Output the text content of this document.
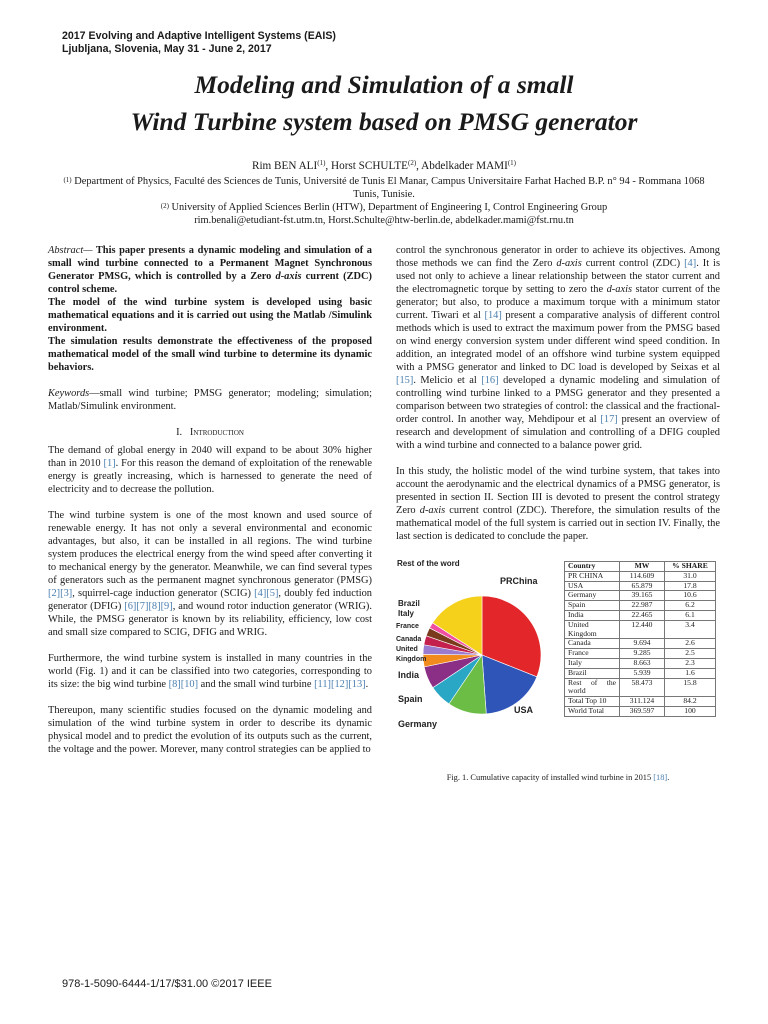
2017 Evolving and Adaptive Intelligent Systems (EAIS)
Ljubljana, Slovenia, May 31 - June 2, 2017
Modeling and Simulation of a small
Wind Turbine system based on PMSG generator
Rim BEN ALI$^{(1)}$, Horst SCHULTE$^{(2)}$, Abdelkader MAMI$^{(1)}$
$^{(1)}$ Department of Physics, Faculté des Sciences de Tunis, Université de Tunis El Manar, Campus Universitaire Farhat Hached B.P. n° 94 - Rommana 1068 Tunis, Tunisie.
$^{(2)}$ University of Applied Sciences Berlin (HTW), Department of Engineering I, Control Engineering Group
rim.benali@etudiant-fst.utm.tn, Horst.Schulte@htw-berlin.de, abdelkader.mami@fst.rnu.tn

Abstract— This paper presents a dynamic modeling and simulation of a small wind turbine connected to a Permanent Magnet Synchronous Generator PMSG, which is controlled by a Zero d-axis current (ZDC) control scheme.

The model of the wind turbine system is developed using basic mathematical equations and it is carried out using the Matlab /Simulink environment.

The simulation results demonstrate the effectiveness of the proposed mathematical model of the small wind turbine to determine its dynamic behaviors.

Keywords—small wind turbine; PMSG generator; modeling; simulation; Matlab/Simulink environment.

I. Introduction

The demand of global energy in 2040 will expand to be about 30% higher than in 2010 [1]. For this reason the demand of exploitation of the renewable energy is greatly increasing, which is harnessed to generate the need of electricity and to decrease the pollution.

The wind turbine system is one of the most known and used source of renewable energy. It has not only a several environmental and economic advantages, but also, it can be installed in all regions. The wind turbine system produces the electrical energy from the wind speed after converting it to mechanical energy by the generator. Meanwhile, we can find several types of generators such as the permanent magnet synchronous generator (PMSG) [2][3], squirrel-cage induction generator (SCIG) [4][5], doubly fed induction generator (DFIG) [6][7][8][9], and wound rotor induction generator (WRIG). While, the PMSG generator is known by its reliability, efficiency, low cost and small size compared to SCIG, DFIG and WRIG.

Furthermore, the wind turbine system is installed in many countries in the world (Fig. 1) and it can be classified into two categories, corresponding to its size: the big wind turbine [8][10] and the small wind turbine [11][12][13].

Thereupon, many scientific studies focused on the dynamic modeling and simulation of the wind turbine system in order to describe its dynamic physical model and to predict the evolution of its outputs such as the current, the voltage and the power. Morever, many control strategies can be applied to

control the synchronous generator in order to achieve its objectives. Among those methods we can find the Zero d-axis current control (ZDC) [4]. It is used not only to achieve a linear relationship between the stator current and the electromagnetic torque by setting to zero the d-axis stator current of the generator; but also, to produce a maximum torque with a minimum stator current. Tiwari et al [14] present a comparative analysis of different control methods which is used to extract the maximum power from the PMSG based on wind energy conversion system under different wind speed condition. In addition, an integrated model of an offshore wind turbine system equipped with a PMSG generator and linked to DC load is developed by Seixas et al [15]. Melicio et al [16] developed a dynamic modeling and simulation of controlling wind turbine linked to a PMSG generator and they presented a comparison between two strategies of control: the classical and the fractional-order control. In another way, Mehdipour et al [17] present an overview of research and development of simulation and controlling of a DFIG coupled with a wind turbine and connected to a balance power grid.

In this study, the holistic model of the wind turbine system, that takes into account the aerodynamic and the electrical dynamics of a PMSG generator, is presented in section II. Section III is devoted to present the control strategy Zero d-axis current control (ZDC). Therefore, the simulation results of the mathematical model of the full system is carried out in section IV. Finally, the last section is dedicated to conclude the paper.

Rest of the word
PRChina
Brazil
Italy
France
Canada
United
Kingdom
India
Spain
Germany
USA
Country	MW	% SHARE
PR CHINA	114.609	31.0
USA	65.879	17.8
Germany	39.165	10.6
Spain	22.987	6.2
India	22.465	6.1
United Kingdom	12.440	3.4
Canada	9.694	2.6
France	9.285	2.5
Italy	8.663	2.3
Brazil	5.939	1.6
Rest of the world	58.473	15.8
Total Top 10	311.124	84.2
World Total	369.597	100
Fig. 1. Cumulative capacity of installed wind turbine in 2015 [18].
978-1-5090-6444-1/17/$31.00 ©2017 IEEE
